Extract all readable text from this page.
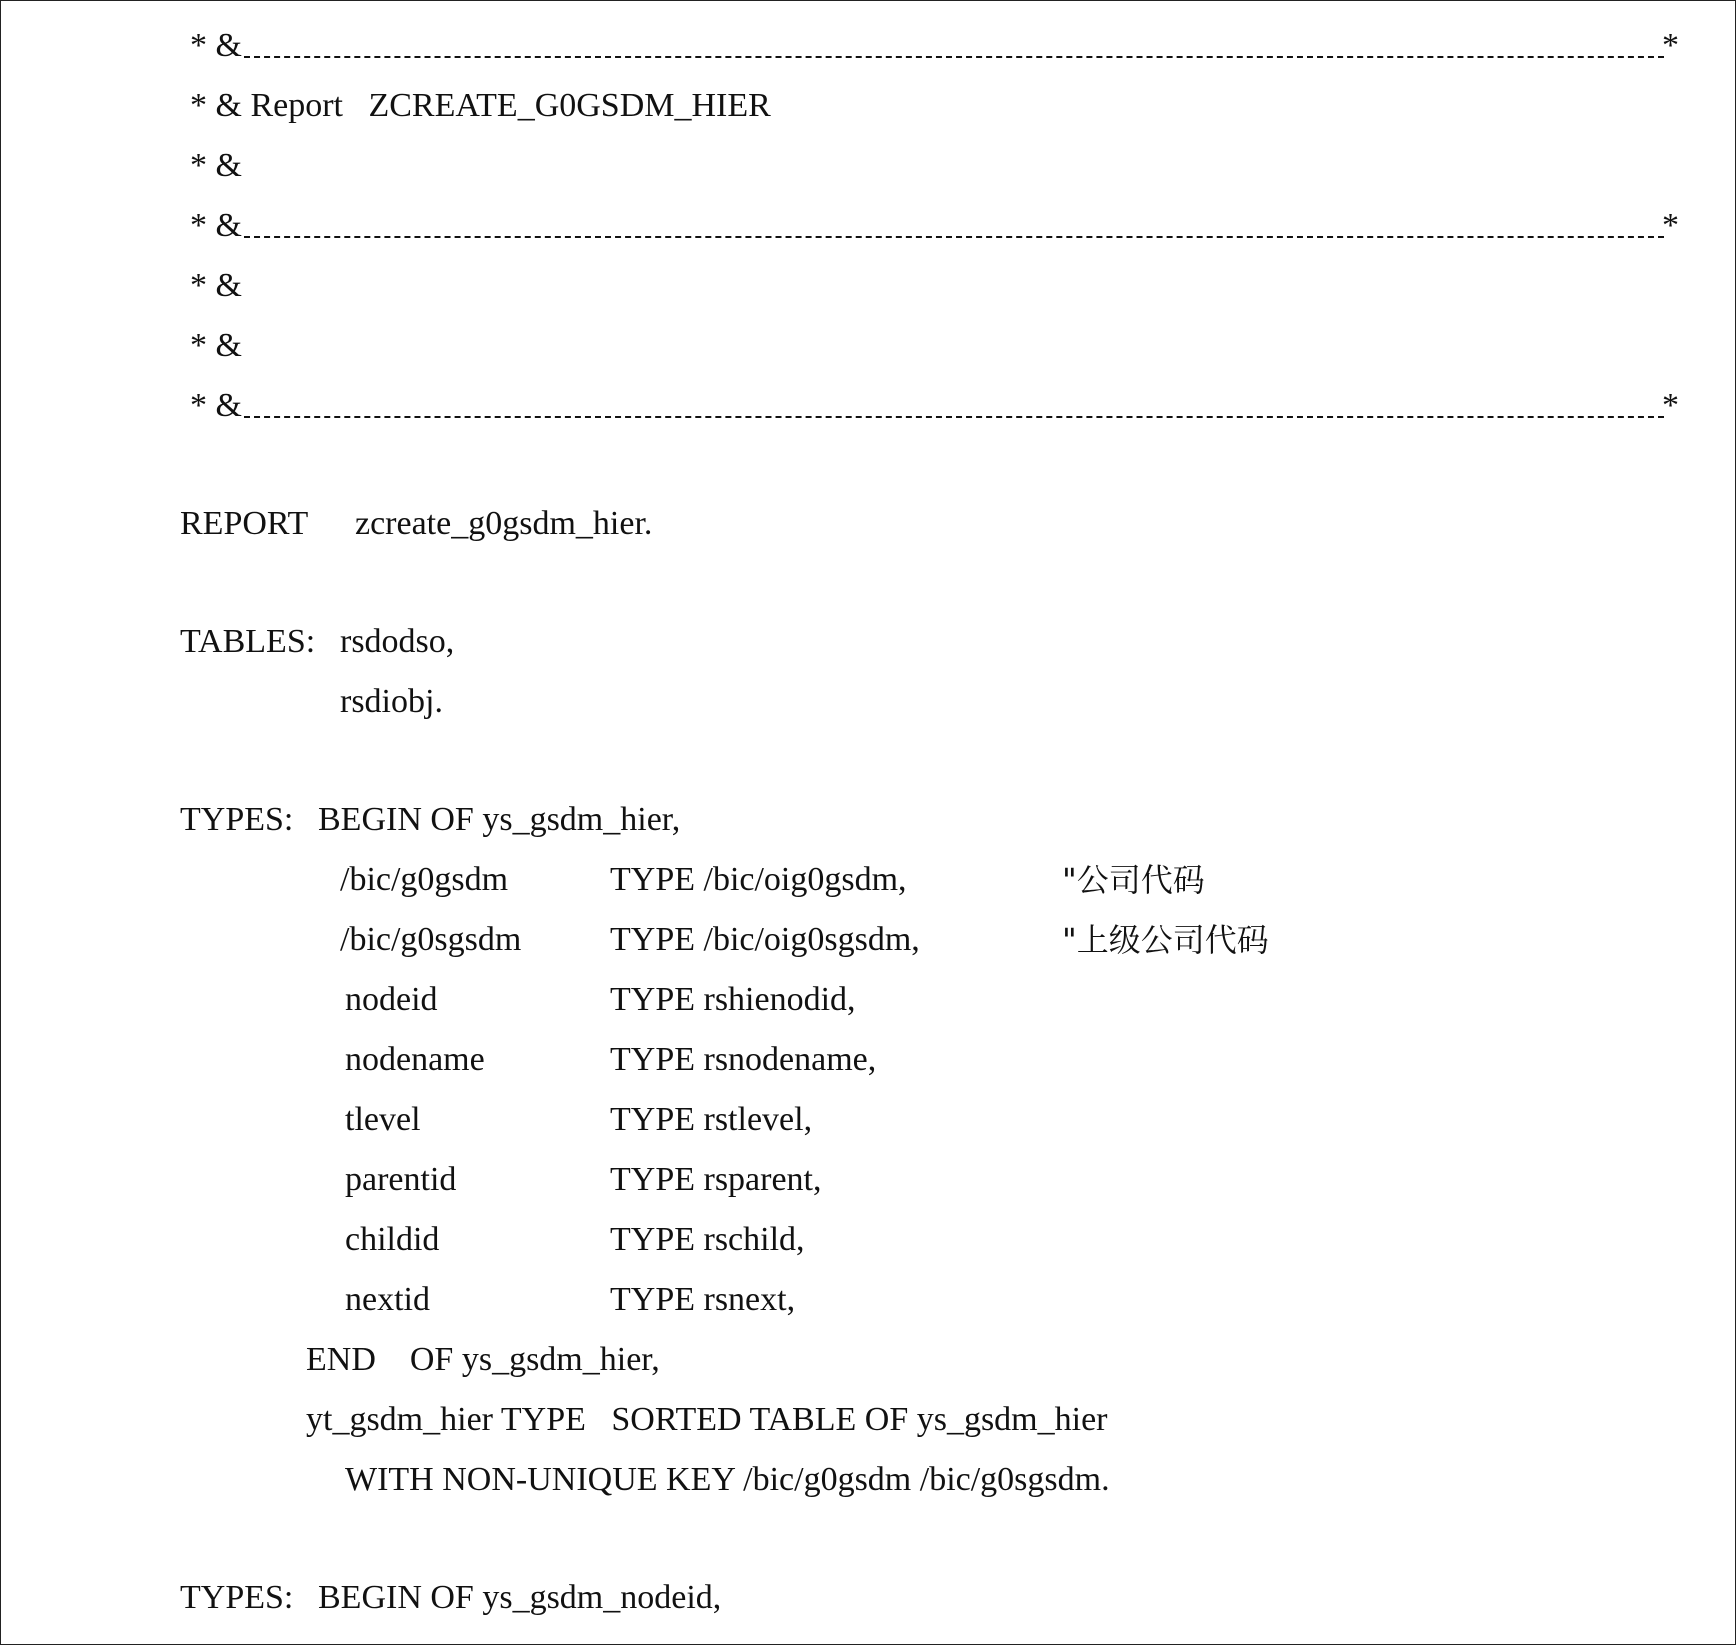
* &	*
* & Report   ZCREATE_G0GSDM_HIER
* &
* &	*
* &
* &
* &	*
REPORT zcreate_g0gsdm_hier.
TABLES: rsdodso,
rsdiobj.
TYPES: BEGIN OF ys_gsdm_hier,
/bic/g0gsdm	TYPE /bic/oig0gsdm,	"公司代码
/bic/g0sgsdm	TYPE /bic/oig0sgsdm,	"上级公司代码
nodeid	TYPE rshienodid,
nodename	TYPE rsnodename,
tlevel	TYPE rstlevel,
parentid	TYPE rsparent,
childid	TYPE rschild,
nextid	TYPE rsnext,
END    OF ys_gsdm_hier,
yt_gsdm_hier TYPE   SORTED TABLE OF ys_gsdm_hier
WITH NON-UNIQUE KEY /bic/g0gsdm /bic/g0sgsdm.
TYPES: BEGIN OF ys_gsdm_nodeid,
